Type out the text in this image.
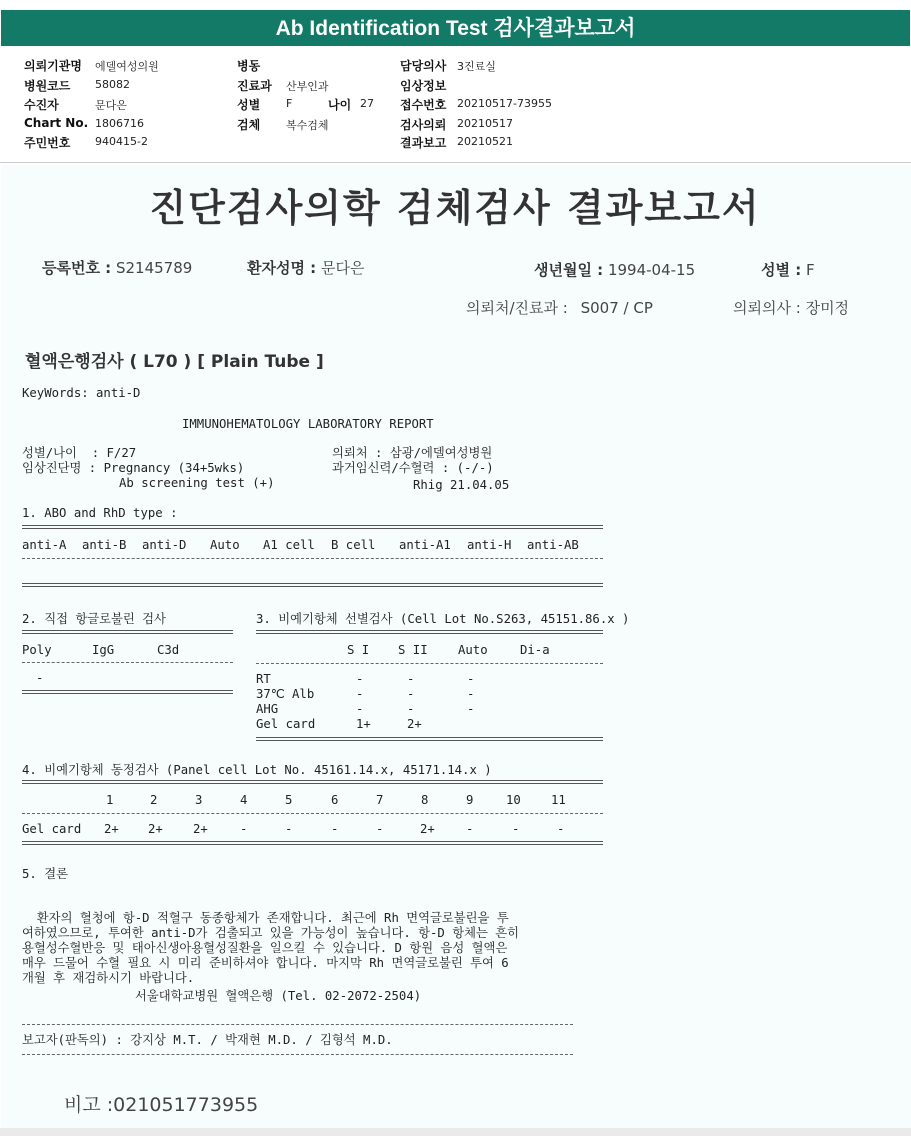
Ab Identification Test 검사결과보고서
의뢰기관명 에델여성의원
병원코드 58082
수진자	문다은
Chart No. 1806716
주민번호 940415-2
병동
진료과 산부인과
성별 F	나이 27
검체 복수검체
담당의사 3진료실
임상정보
접수번호 20210517-73955
검사의뢰 20210517
결과보고 20210521
진단검사의학 검체검사 결과보고서
등록번호 : S2145789	환자성명 : 문다은	생년월일 : 1994-04-15	성별 : F
의뢰처/진료과 : S007 / CP	의뢰의사 : 장미정
혈액은행검사 ( L70 ) [ Plain Tube ]
KeyWords: anti-D
IMMUNOHEMATOLOGY LABORATORY REPORT
성별/나이  : F/27
임상진단명 : Pregnancy (34+5wks)
Ab screening test (+)
의뢰처 : 삼광/에델여성병원
과거임신력/수혈력 : (-/-)
Rhig 21.04.05
1. ABO and RhD type :
anti-A anti-B anti-D Auto A1 cell B cell anti-A1 anti-H anti-AB
2. 직접 항글로불린 검사
Poly	IgG	C3d
-
3. 비예기항체 선별검사 (Cell Lot No.S263, 45151.86.x )
S I S II Auto	Di-a
RT	-	-	-
37℃ Alb	-	-	-
AHG	-	-	-
Gel card	1+	2+
4. 비예기항체 동정검사 (Panel cell Lot No. 45161.14.x, 45171.14.x )
1	2	3	4	5	6	7	8	9	10 11
Gel card 2+ 2+ 2+	-	-	-	-	2+	-	-	-
5. 결론

환자의 혈청에 항-D 적혈구 동종항체가 존재합니다. 최근에 Rh 면역글로불린을 투
여하였으므로, 투여한 anti-D가 검출되고 있을 가능성이 높습니다. 항-D 항체는 흔히
용혈성수혈반응 및 태아신생아용혈성질환을 일으킬 수 있습니다. D 항원 음성 혈액은
매우 드물어 수혈 필요 시 미리 준비하셔야 합니다. 마지막 Rh 면역글로불린 투여 6
개월 후 재검하시기 바랍니다.

서울대학교병원 혈액은행 (Tel. 02-2072-2504)
보고자(판독의) : 강지상 M.T. / 박재현 M.D. / 김형석 M.D.
비고 :021051773955
